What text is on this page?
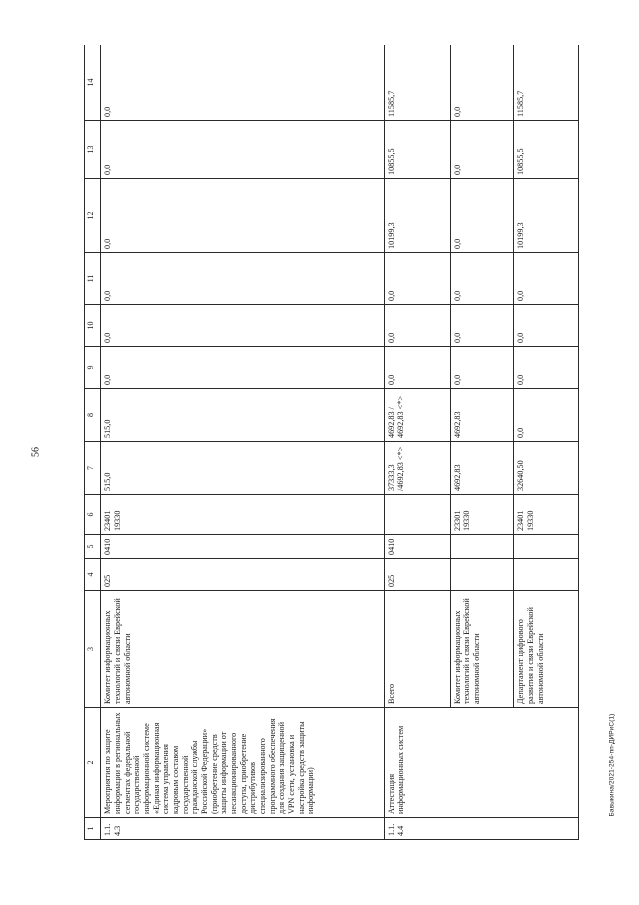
56
1	2	3	4	5	6	7	8	9	10	11	12	13	14
1.1.4.3	Мероприятия по защите информации в региональных сегментах федеральной государственной информационной системе «Единая информационная система управления кадровым составом государственной гражданской службы Российской Федерации» (приобретение средств защиты информации от несанкционированного доступа, приобретение дистрибутивов специализированного программного обеспечения для создания защищенной VPN сети, установка и настройка средств защиты информации)	Комитет информационных технологий и связи Еврейской автономной области	025	0410	23401 19330	515,0	515,0	0,0	0,0	0,0	0,0	0,0	0,0
1.1.4.4	Аттестация информационных систем	Всего	025	0410		37333,3 /4692,83 <*>	4692,83 / 4692,83 <*>	0,0	0,0	0,0	10199,3	10855,5	11585,7
		Комитет информационных технологий и связи Еврейской автономной области			23301 19330	4692,83	4692,83	0,0	0,0	0,0	0,0	0,0	0,0
		Департамент цифрового развития и связи Еврейской автономной области			23401 19330	32640,50	0,0	0,0	0,0	0,0	10199,3	10855,5	11585,7
Бавыкина/2021-254-пп-ДИРиС(1)
